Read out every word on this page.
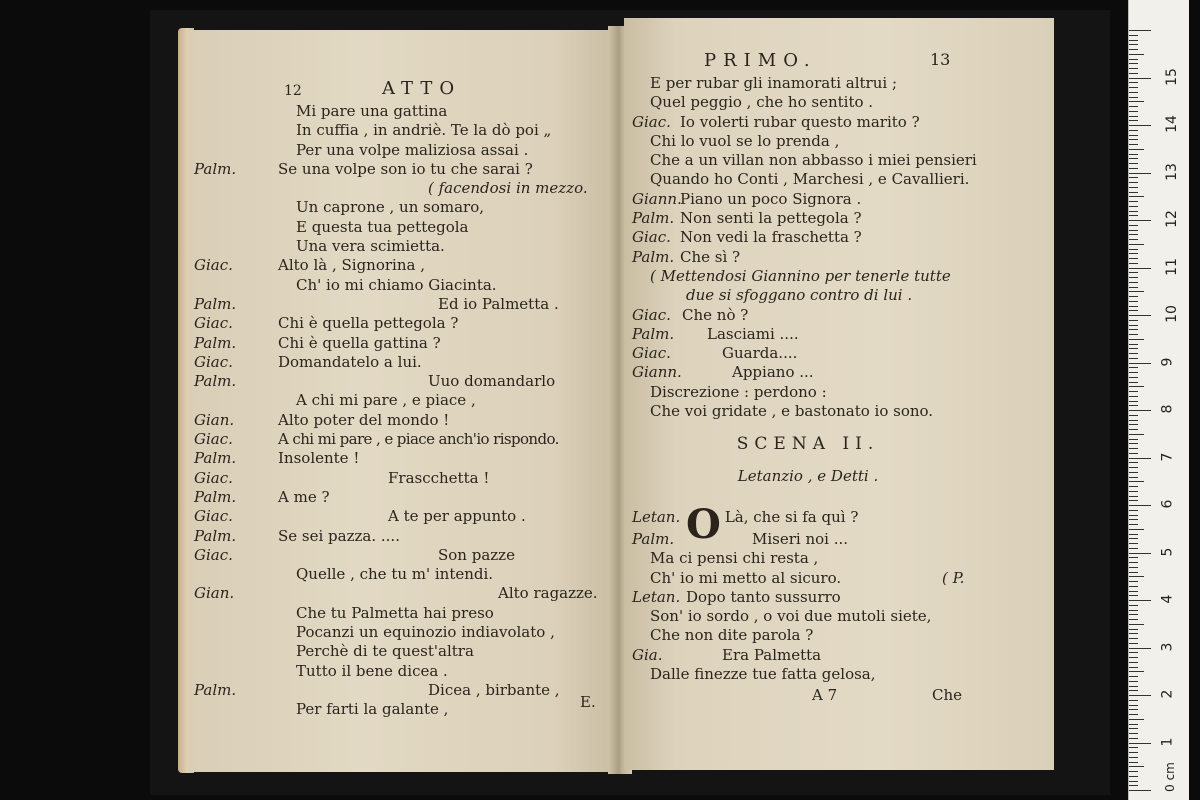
12	ATTO
Mi pare una gattina
In cuffia , in andriè. Te la dò poi „
Per una volpe maliziosa assai .
Palm.	Se una volpe son io tu che sarai ?
( facendosi in mezzo.
Un caprone , un somaro,
E questa tua pettegola
Una vera scimietta.
Giac.	Alto là , Signorina ,
Ch' io mi chiamo Giacinta.
Palm.	Ed io Palmetta .
Giac.	Chi è quella pettegola ?
Palm.	Chi è quella gattina ?
Giac.	Domandatelo a lui.
Palm.	Uuo domandarlo
A chi mi pare , e piace ,
Gian.	Alto poter del mondo !
Giac.	A chi mi pare , e piace anch'io rispondo.
Palm.	Insolente !
Giac.	Frascchetta !
Palm.	A me ?
Giac.	A te per appunto .
Palm.	Se sei pazza. ....
Giac.	Son pazze
Quelle , che tu m' intendi.
Gian.	Alto ragazze.
Che tu Palmetta hai preso
Pocanzi un equinozio indiavolato ,
Perchè di te quest'altra
Tutto il bene dicea .
Palm.	Dicea , birbante ,
Per farti la galante ,	E.
PRIMO.	13
E per rubar gli inamorati altrui ;
Quel peggio , che ho sentito .
Giac. Io volerti rubar questo marito ?
Chi lo vuol se lo prenda ,
Che a un villan non abbasso i miei pensieri
Quando ho Conti , Marchesi , e Cavallieri.
Giann.Piano un poco Signora .
Palm. Non senti la pettegola ?
Giac. Non vedi la fraschetta ?
Palm. Che sì ?
( Mettendosi Giannino per tenerle tutte
due si sfoggano contro di lui .
Giac. Che nò ?
Palm. Lasciami ....
Giac.	Guarda....
Giann.	Appiano ...
Discrezione : perdono :
Che voi gridate , e bastonato io sono.
SCENA II.
Letanzio , e Detti .
Letan. O Là, che si fa quì ?
Palm.	Miseri noi ...
Ma ci pensi chi resta ,
Ch' io mi metto al sicuro.	( P.
Letan. Dopo tanto sussurro
Son' io sordo , o voi due mutoli siete,
Che non dite parola ?
Gia.	Era Palmetta
Dalle finezze tue fatta gelosa,
A 7	Che
0 cm
1
2
3
4
5
6
7
8
9
10
11
12
13
14
15
